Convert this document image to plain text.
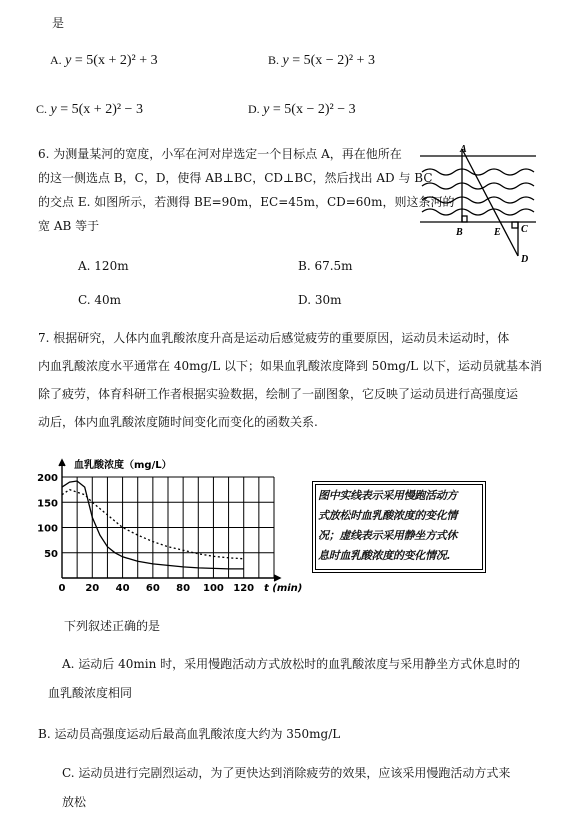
是
A. y = 5(x + 2)² + 3	B. y = 5(x − 2)² + 3
C. y = 5(x + 2)² − 3	D. y = 5(x − 2)² − 3
6. 为测量某河的宽度，小军在河对岸选定一个目标点 A，再在他所在
的这一侧选点 B，C，D，使得 AB⊥BC，CD⊥BC，然后找出 AD 与 BC
的交点 E. 如图所示，若测得 BE=90m，EC=45m，CD=60m，则这条河的
宽 AB 等于
A
B	E C
D
A. 120m	B. 67.5m
C. 40m	D. 30m
7. 根据研究，人体内血乳酸浓度升高是运动后感觉疲劳的重要原因，运动员未运动时，体
内血乳酸浓度水平通常在 40mg/L 以下；如果血乳酸浓度降到 50mg/L 以下，运动员就基本消
除了疲劳，体育科研工作者根据实验数据，绘制了一副图象，它反映了运动员进行高强度运
动后，体内血乳酸浓度随时间变化而变化的函数关系.
血乳酸浓度（mg/L）
50
100
150
200
0 20 40 60 80 100 120 t (min)
图中实线表示采用慢跑活动方
式放松时血乳酸浓度的变化情
况；虚线表示采用静坐方式休
息时血乳酸浓度的变化情况.
下列叙述正确的是
A. 运动后 40min 时，采用慢跑活动方式放松时的血乳酸浓度与采用静坐方式休息时的
血乳酸浓度相同
B. 运动员高强度运动后最高血乳酸浓度大约为 350mg/L
C. 运动员进行完剧烈运动，为了更快达到消除疲劳的效果，应该采用慢跑活动方式来
放松
